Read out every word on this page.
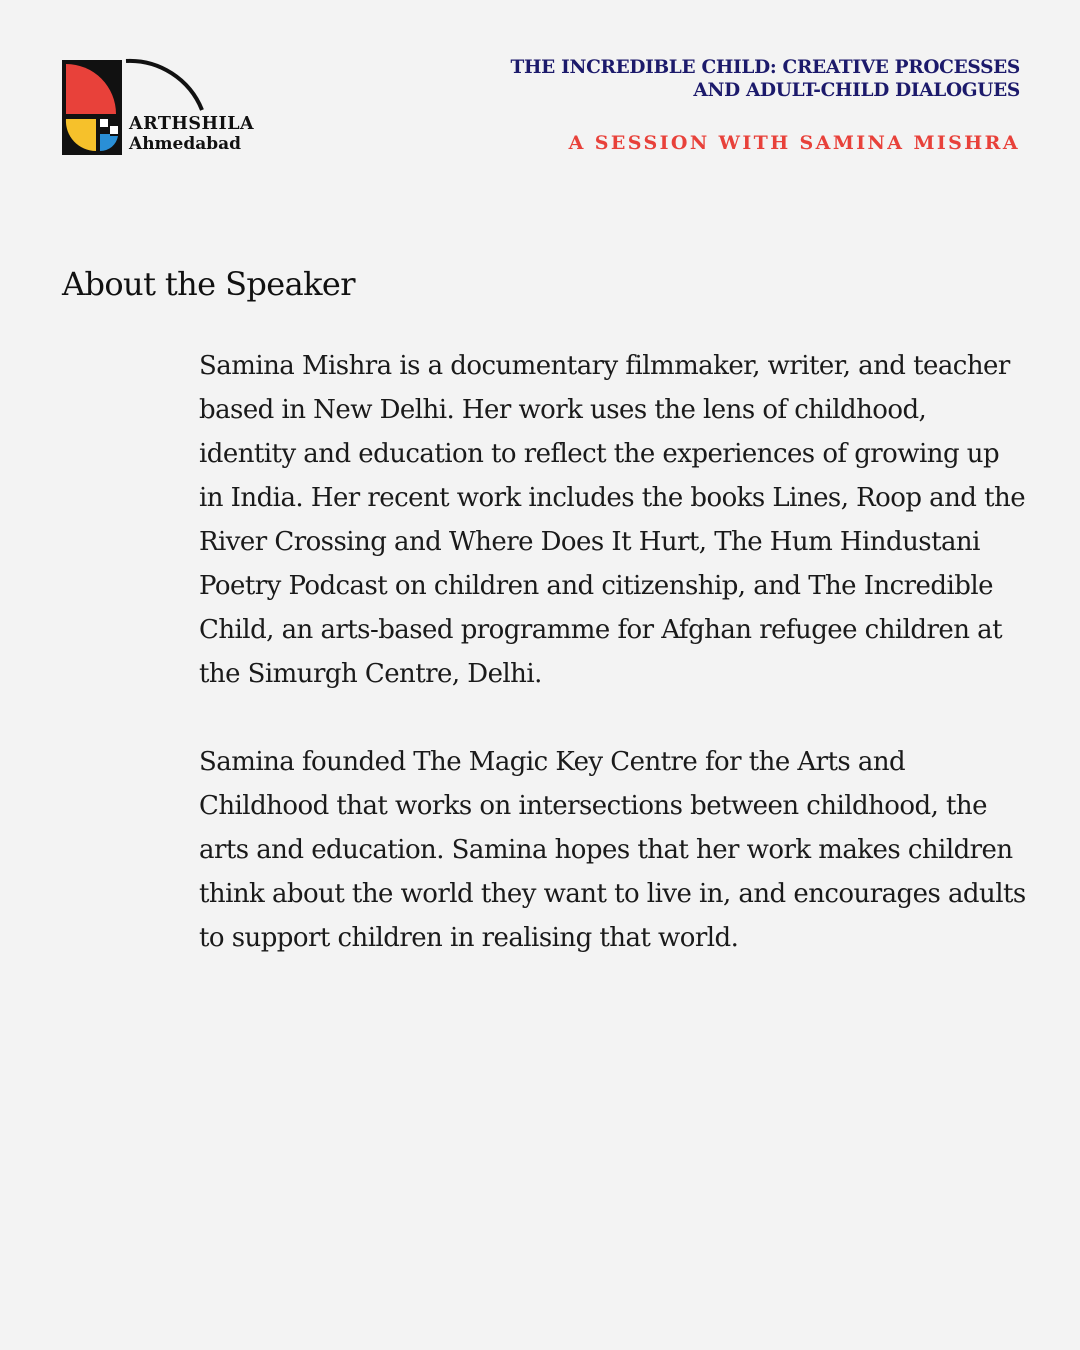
ARTHSHILA
Ahmedabad
THE INCREDIBLE CHILD: CREATIVE PROCESSES
AND ADULT-CHILD DIALOGUES
A SESSION WITH SAMINA MISHRA
About the Speaker

Samina Mishra is a documentary filmmaker, writer, and teacher based in New Delhi. Her work uses the lens of childhood, identity and education to reflect the experiences of growing up in India. Her recent work includes the books Lines, Roop and the River Crossing and Where Does It Hurt, The Hum Hindustani Poetry Podcast on children and citizenship, and The Incredible Child, an arts-based programme for Afghan refugee children at the Simurgh Centre, Delhi.

Samina founded The Magic Key Centre for the Arts and Childhood that works on intersections between childhood, the arts and education. Samina hopes that her work makes children think about the world they want to live in, and encourages adults to support children in realising that world.
